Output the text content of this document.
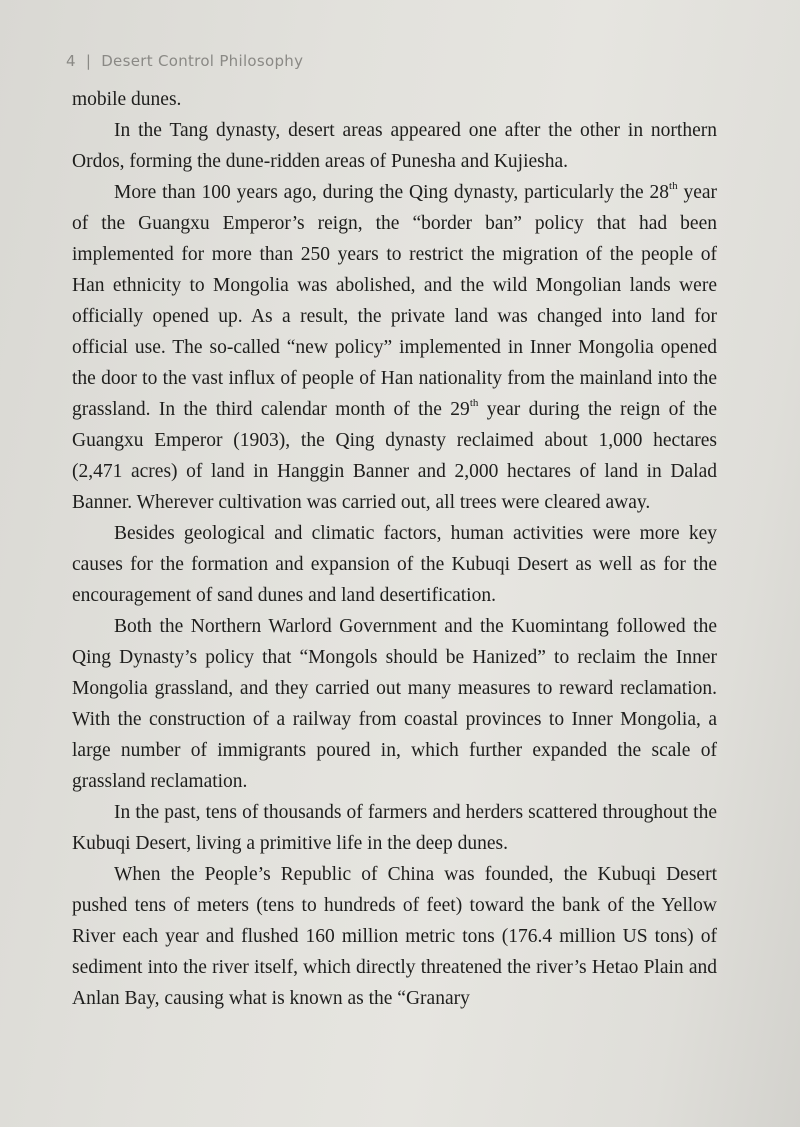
4 | Desert Control Philosophy

mobile dunes.

In the Tang dynasty, desert areas appeared one after the other in northern Ordos, forming the dune-ridden areas of Punesha and Kujiesha.

More than 100 years ago, during the Qing dynasty, particularly the 28th year of the Guangxu Emperor’s reign, the “border ban” policy that had been implemented for more than 250 years to restrict the migration of the people of Han ethnicity to Mongolia was abolished, and the wild Mongolian lands were officially opened up. As a result, the private land was changed into land for official use. The so-called “new policy” implemented in Inner Mongolia opened the door to the vast influx of people of Han nationality from the mainland into the grassland. In the third calendar month of the 29th year during the reign of the Guangxu Emperor (1903), the Qing dynasty reclaimed about 1,000 hectares (2,471 acres) of land in Hanggin Banner and 2,000 hectares of land in Dalad Banner. Wherever cultivation was carried out, all trees were cleared away.

Besides geological and climatic factors, human activities were more key causes for the formation and expansion of the Kubuqi Desert as well as for the encouragement of sand dunes and land desertification.

Both the Northern Warlord Government and the Kuomintang followed the Qing Dynasty’s policy that “Mongols should be Hanized” to reclaim the Inner Mongolia grassland, and they carried out many measures to reward reclamation. With the construction of a railway from coastal provinces to Inner Mongolia, a large number of immigrants poured in, which further expanded the scale of grassland reclamation.

In the past, tens of thousands of farmers and herders scattered throughout the Kubuqi Desert, living a primitive life in the deep dunes.

When the People’s Republic of China was founded, the Kubuqi Desert pushed tens of meters (tens to hundreds of feet) toward the bank of the Yellow River each year and flushed 160 million metric tons (176.4 million US tons) of sediment into the river itself, which directly threatened the river’s Hetao Plain and Anlan Bay, causing what is known as the “Granary
